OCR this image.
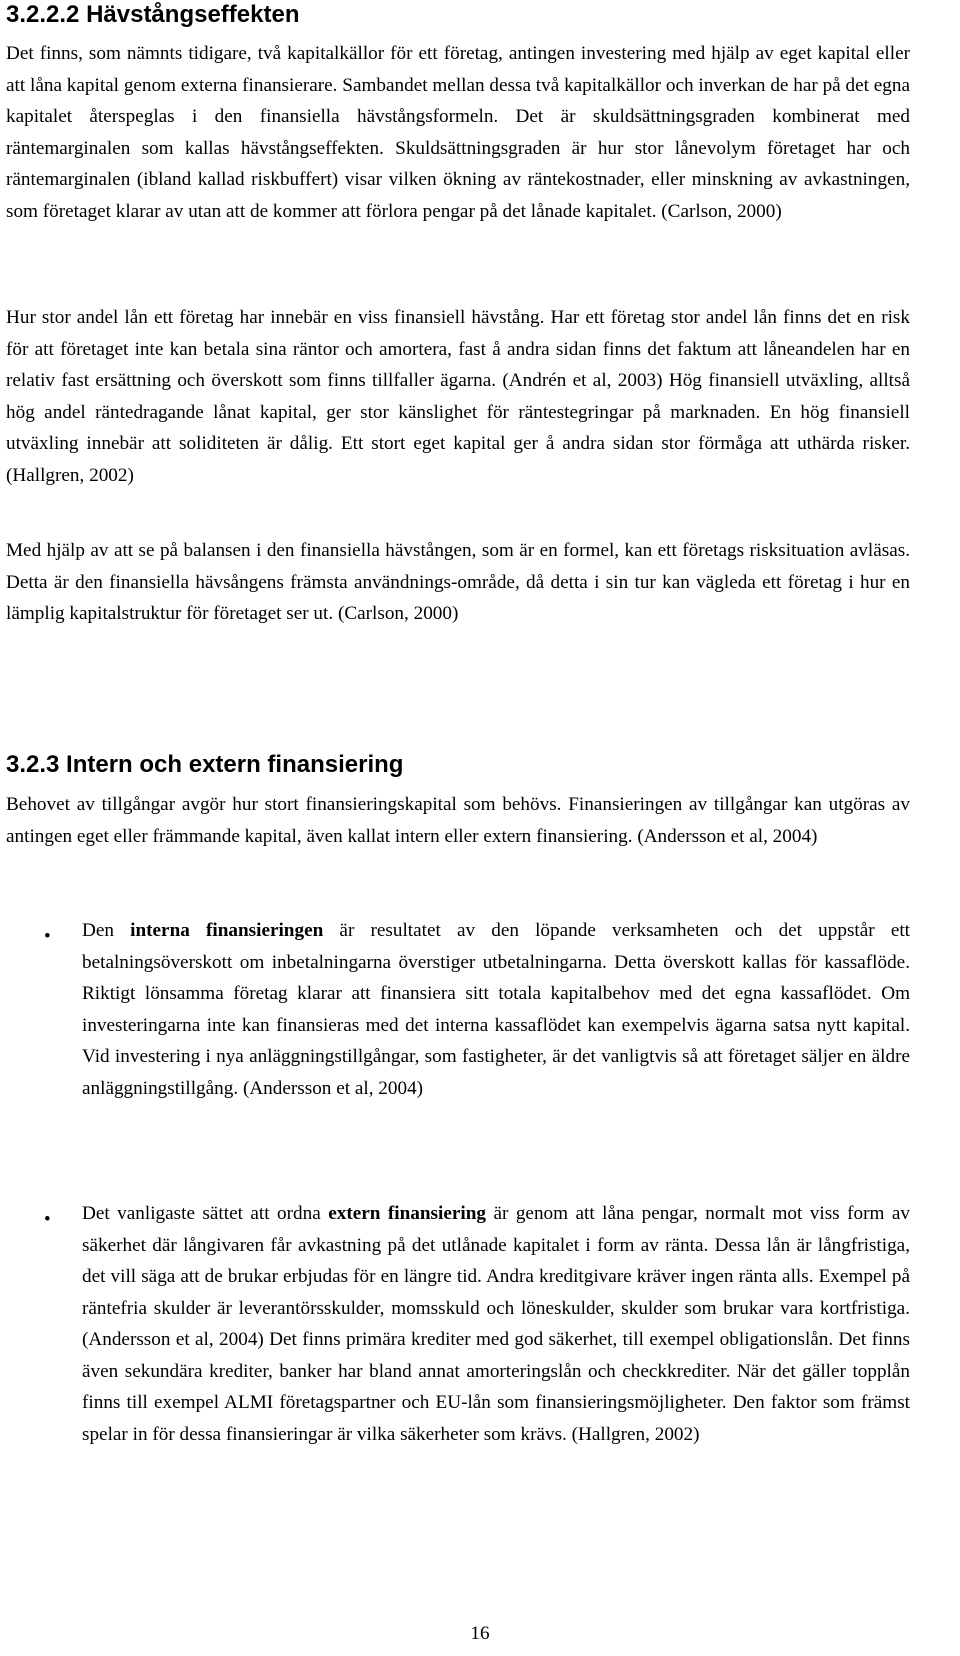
3.2.2.2 Hävstångseffekten

Det finns, som nämnts tidigare, två kapitalkällor för ett företag, antingen investering med hjälp av eget kapital eller att låna kapital genom externa finansierare. Sambandet mellan dessa två kapitalkällor och inverkan de har på det egna kapitalet återspeglas i den finansiella hävstångsformeln. Det är skuldsättningsgraden kombinerat med räntemarginalen som kallas hävstångseffekten. Skuldsättningsgraden är hur stor lånevolym företaget har och räntemarginalen (ibland kallad riskbuffert) visar vilken ökning av räntekostnader, eller minskning av avkastningen, som företaget klarar av utan att de kommer att förlora pengar på det lånade kapitalet. (Carlson, 2000)

Hur stor andel lån ett företag har innebär en viss finansiell hävstång. Har ett företag stor andel lån finns det en risk för att företaget inte kan betala sina räntor och amortera, fast å andra sidan finns det faktum att låneandelen har en relativ fast ersättning och överskott som finns tillfaller ägarna. (Andrén et al, 2003) Hög finansiell utväxling, alltså hög andel räntedragande lånat kapital, ger stor känslighet för räntestegringar på marknaden. En hög finansiell utväxling innebär att soliditeten är dålig. Ett stort eget kapital ger å andra sidan stor förmåga att uthärda risker. (Hallgren, 2002)

Med hjälp av att se på balansen i den finansiella hävstången, som är en formel, kan ett företags risksituation avläsas. Detta är den finansiella hävsångens främsta användnings-område, då detta i sin tur kan vägleda ett företag i hur en lämplig kapitalstruktur för företaget ser ut. (Carlson, 2000)

3.2.3 Intern och extern finansiering

Behovet av tillgångar avgör hur stort finansieringskapital som behövs. Finansieringen av tillgångar kan utgöras av antingen eget eller främmande kapital, även kallat intern eller extern finansiering. (Andersson et al, 2004)

• Den interna finansieringen är resultatet av den löpande verksamheten och det uppstår ett betalningsöverskott om inbetalningarna överstiger utbetalningarna. Detta överskott kallas för kassaflöde. Riktigt lönsamma företag klarar att finansiera sitt totala kapitalbehov med det egna kassaflödet. Om investeringarna inte kan finansieras med det interna kassaflödet kan exempelvis ägarna satsa nytt kapital. Vid investering i nya anläggningstillgångar, som fastigheter, är det vanligtvis så att företaget säljer en äldre anläggningstillgång. (Andersson et al, 2004)

• Det vanligaste sättet att ordna extern finansiering är genom att låna pengar, normalt mot viss form av säkerhet där långivaren får avkastning på det utlånade kapitalet i form av ränta. Dessa lån är långfristiga, det vill säga att de brukar erbjudas för en längre tid. Andra kreditgivare kräver ingen ränta alls. Exempel på räntefria skulder är leverantörsskulder, momsskuld och löneskulder, skulder som brukar vara kortfristiga. (Andersson et al, 2004) Det finns primära krediter med god säkerhet, till exempel obligationslån. Det finns även sekundära krediter, banker har bland annat amorteringslån och checkkrediter. När det gäller topplån finns till exempel ALMI företagspartner och EU-lån som finansieringsmöjligheter. Den faktor som främst spelar in för dessa finansieringar är vilka säkerheter som krävs. (Hallgren, 2002)

16
